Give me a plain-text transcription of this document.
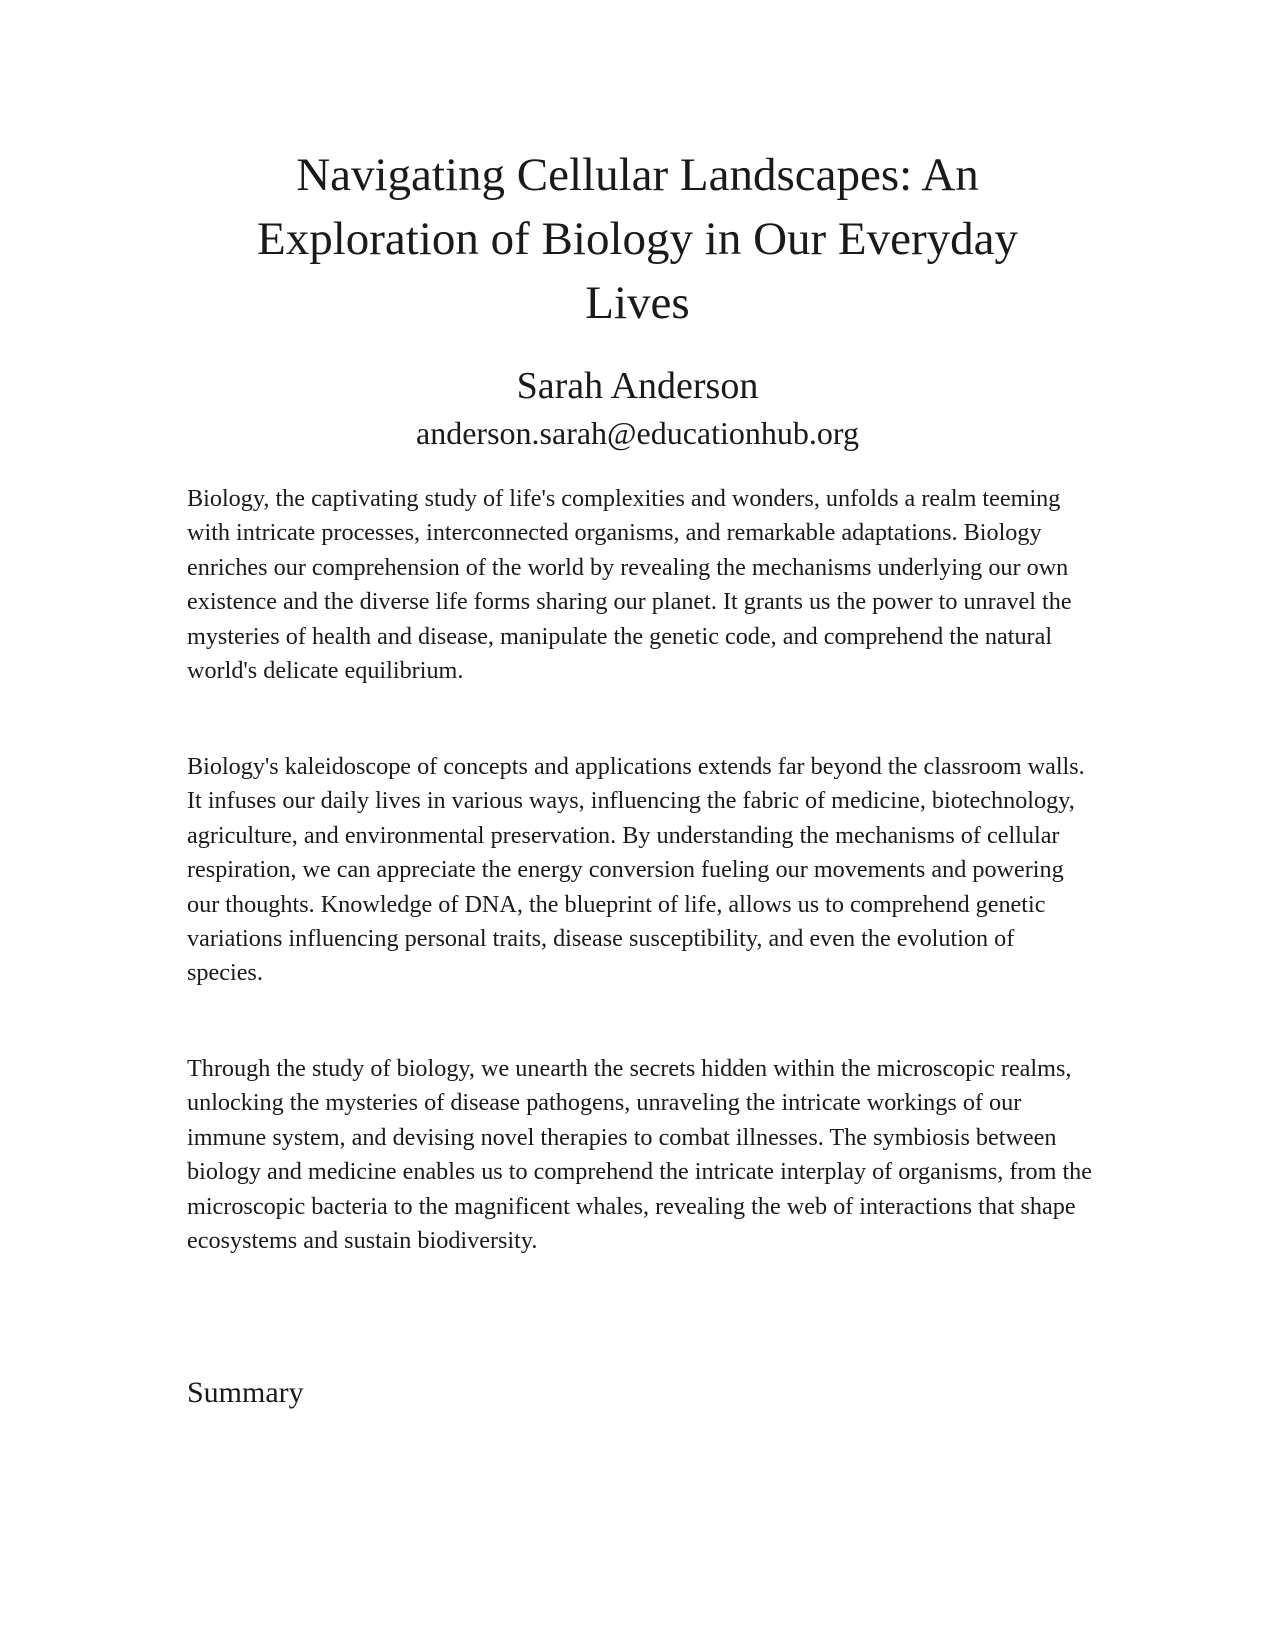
Navigating Cellular Landscapes: An Exploration of Biology in Our Everyday Lives
Sarah Anderson
anderson.sarah@educationhub.org

Biology, the captivating study of life's complexities and wonders, unfolds a realm teeming with intricate processes, interconnected organisms, and remarkable adaptations. Biology enriches our comprehension of the world by revealing the mechanisms underlying our own existence and the diverse life forms sharing our planet. It grants us the power to unravel the mysteries of health and disease, manipulate the genetic code, and comprehend the natural world's delicate equilibrium.

Biology's kaleidoscope of concepts and applications extends far beyond the classroom walls. It infuses our daily lives in various ways, influencing the fabric of medicine, biotechnology, agriculture, and environmental preservation. By understanding the mechanisms of cellular respiration, we can appreciate the energy conversion fueling our movements and powering our thoughts. Knowledge of DNA, the blueprint of life, allows us to comprehend genetic variations influencing personal traits, disease susceptibility, and even the evolution of species.

Through the study of biology, we unearth the secrets hidden within the microscopic realms, unlocking the mysteries of disease pathogens, unraveling the intricate workings of our immune system, and devising novel therapies to combat illnesses. The symbiosis between biology and medicine enables us to comprehend the intricate interplay of organisms, from the microscopic bacteria to the magnificent whales, revealing the web of interactions that shape ecosystems and sustain biodiversity.

Summary
